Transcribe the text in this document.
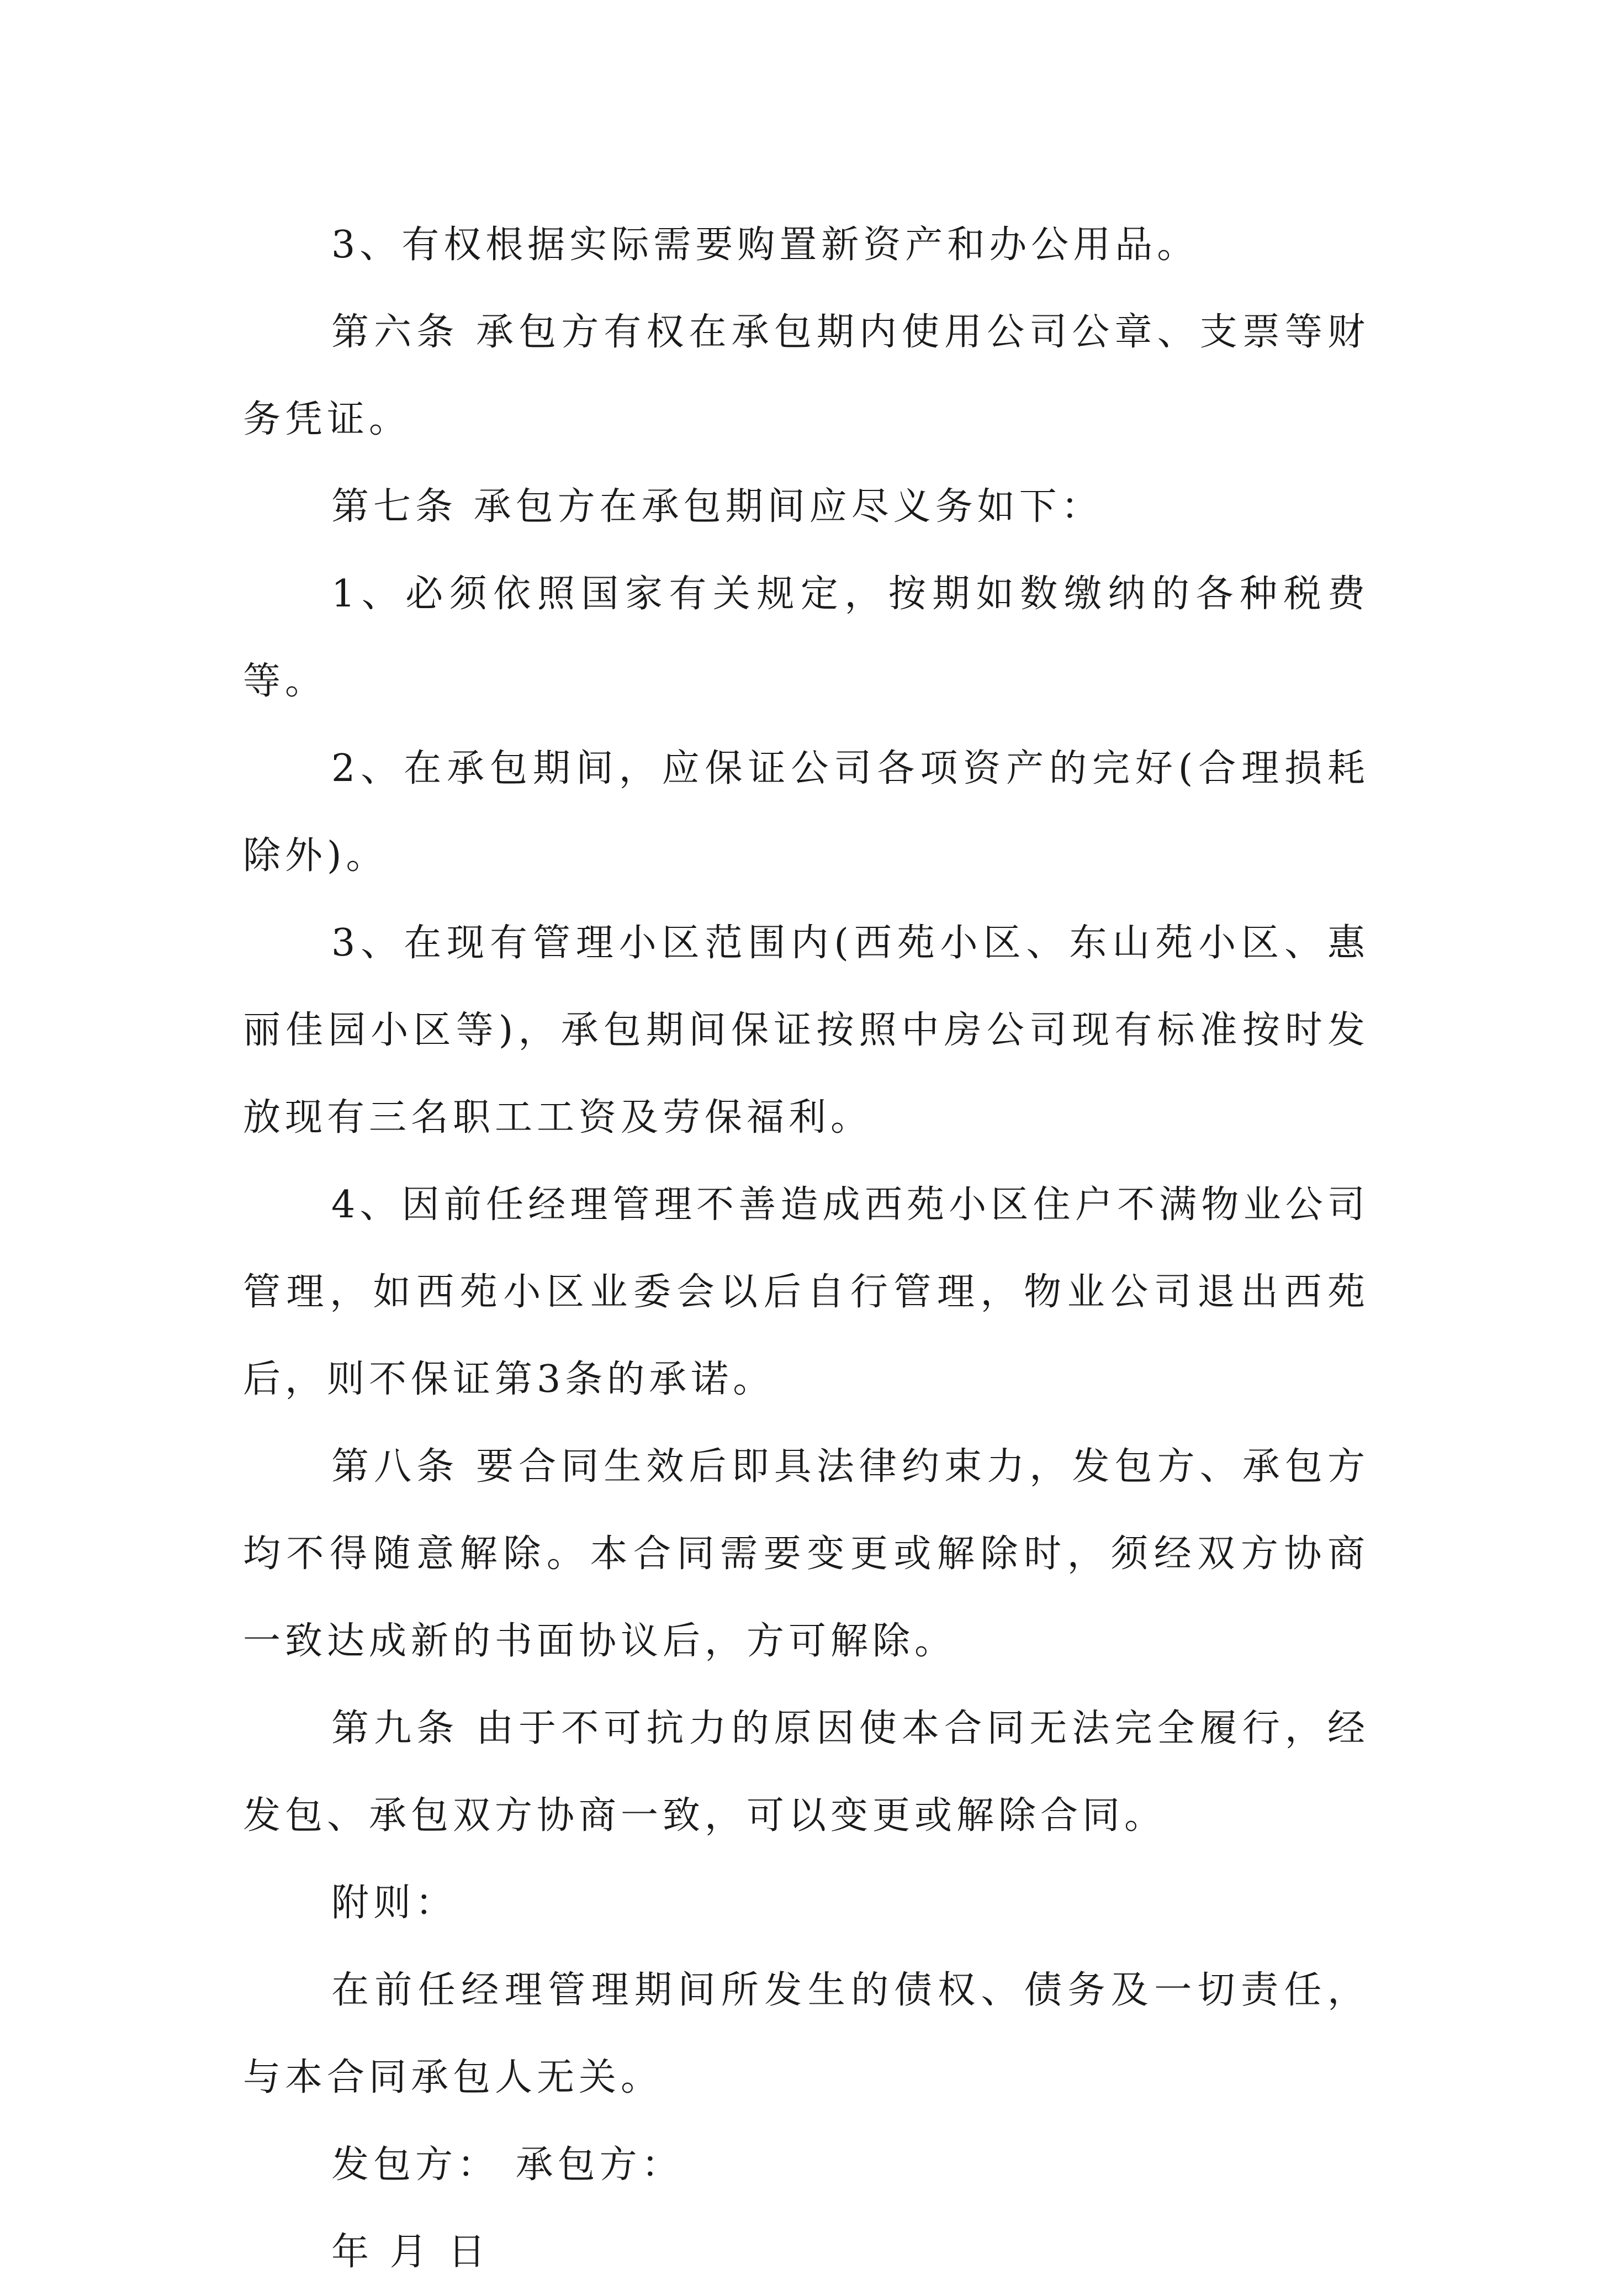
3、有权根据实际需要购置新资产和办公用品。

第六条 承包方有权在承包期内使用公司公章、支票等财务凭证。

第七条 承包方在承包期间应尽义务如下：

1、必须依照国家有关规定，按期如数缴纳的各种税费等。

2、在承包期间，应保证公司各项资产的完好(合理损耗除外)。

3、在现有管理小区范围内(西苑小区、东山苑小区、惠丽佳园小区等)，承包期间保证按照中房公司现有标准按时发放现有三名职工工资及劳保福利。

4、因前任经理管理不善造成西苑小区住户不满物业公司管理，如西苑小区业委会以后自行管理，物业公司退出西苑后，则不保证第3条的承诺。

第八条 要合同生效后即具法律约束力，发包方、承包方均不得随意解除。本合同需要变更或解除时，须经双方协商一致达成新的书面协议后，方可解除。

第九条 由于不可抗力的原因使本合同无法完全履行，经发包、承包双方协商一致，可以变更或解除合同。

附则：

在前任经理管理期间所发生的债权、债务及一切责任，与本合同承包人无关。

发包方： 承包方：

年 月 日
